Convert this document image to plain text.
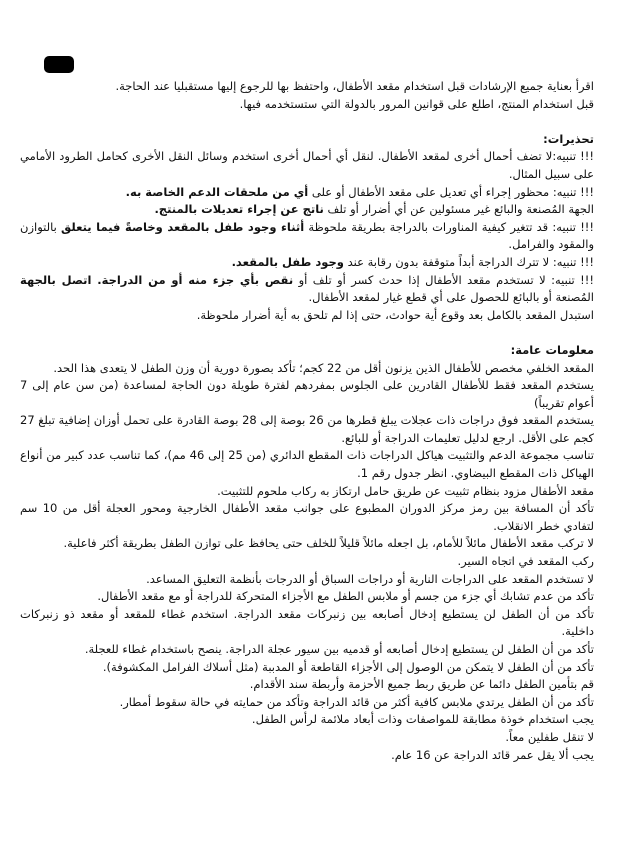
اقرأ بعناية جميع الإرشادات قبل استخدام مقعد الأطفال، واحتفظ بها للرجوع إليها مستقبليا عند الحاجة.

قبل استخدام المنتج، اطلع على قوانين المرور بالدولة التي ستستخدمه فيها.

تحذيرات:

!!! تنبيه:لا تضف أحمال أخرى لمقعد الأطفال. لنقل أي أحمال أخرى استخدم وسائل النقل الأخرى كحامل الطرود الأمامي على سبيل المثال.

!!! تنبيه: محظور إجراء أي تعديل على مقعد الأطفال أو على أي من ملحقات الدعم الخاصة به.

الجهة المُصنعة والبائع غير مسئولين عن أي أضرار أو تلف ناتج عن إجراء تعديلات بالمنتج.

!!! تنبيه: قد تتغير كيفية المناورات بالدراجة بطريقة ملحوظة أثناء وجود طفل بالمقعد وخاصةً فيما يتعلق بالتوازن والمقود والفرامل.

!!! تنبيه: لا تترك الدراجة أبداً متوقفة بدون رقابة عند وجود طفل بالمقعد.

!!! تنبيه: لا تستخدم مقعد الأطفال إذا حدث كسر أو تلف أو نقص بأي جزء منه أو من الدراجة. اتصل بالجهة المُصنعة أو بالبائع للحصول على أي قطع غيار لمقعد الأطفال.

استبدل المقعد بالكامل بعد وقوع أية حوادث، حتى إذا لم تلحق به أية أضرار ملحوظة.

معلومات عامة:

المقعد الخلفي مخصص للأطفال الذين يزنون أقل من 22 كجم؛ تأكد بصورة دورية أن وزن الطفل لا يتعدى هذا الحد.

يستخدم المقعد فقط للأطفال القادرين على الجلوس بمفردهم لفترة طويلة دون الحاجة لمساعدة (من سن عام إلى 7 أعوام تقريباً)

يستخدم المقعد فوق دراجات ذات عجلات يبلغ قطرها من 26 بوصة إلى 28 بوصة القادرة على تحمل أوزان إضافية تبلغ 27 كجم على الأقل. ارجع لدليل تعليمات الدراجة أو للبائع.

تناسب مجموعة الدعم والتثبيت هياكل الدراجات ذات المقطع الدائري (من 25 إلى 46 مم)، كما تناسب عدد كبير من أنواع الهياكل ذات المقطع البيضاوي. انظر جدول رقم 1.

مقعد الأطفال مزود بنظام تثبيت عن طريق حامل ارتكاز به ركاب ملحوم للتثبيت.

تأكد أن المسافة بين رمز مركز الدوران المطبوع على جوانب مقعد الأطفال الخارجية ومحور العجلة أقل من 10 سم لتفادي خطر الانقلاب.

لا تركب مقعد الأطفال مائلاً للأمام، بل اجعله مائلاً قليلاً للخلف حتى يحافظ على توازن الطفل بطريقة أكثر فاعلية.

ركب المقعد في اتجاه السير.

لا تستخدم المقعد على الدراجات النارية أو دراجات السباق أو الدرجات بأنظمة التعليق المساعد.

تأكد من عدم تشابك أي جزء من جسم أو ملابس الطفل مع الأجزاء المتحركة للدراجة أو مع مقعد الأطفال.

تأكد من أن الطفل لن يستطيع إدخال أصابعه بين زنبركات مقعد الدراجة. استخدم غطاء للمقعد أو مقعد ذو زنبركات داخلية.

تأكد من أن الطفل لن يستطيع إدخال أصابعه أو قدميه بين سيور عجلة الدراجة. ينصح باستخدام غطاء للعجلة.

تأكد من أن الطفل لا يتمكن من الوصول إلى الأجزاء القاطعة أو المدببة (مثل أسلاك الفرامل المكشوفة).

قم بتأمين الطفل دائما عن طريق ربط جميع الأحزمة وأربطة سند الأقدام.

تأكد من أن الطفل يرتدي ملابس كافية أكثر من قائد الدراجة وتأكد من حمايته في حالة سقوط أمطار.

يجب استخدام خوذة مطابقة للمواصفات وذات أبعاد ملائمة لرأس الطفل.

لا تنقل طفلين معاً.

يجب ألا يقل عمر قائد الدراجة عن 16 عام.
